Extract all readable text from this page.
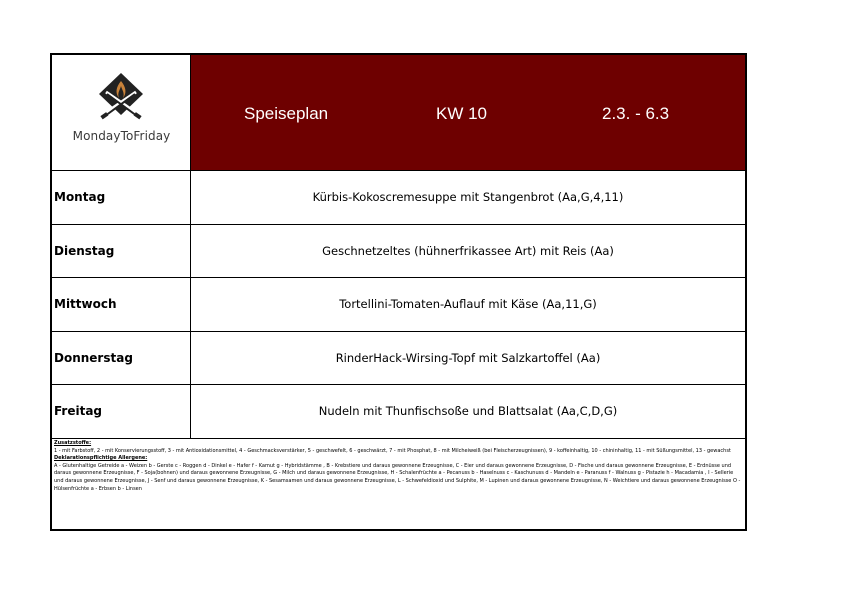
MondayToFriday
Speiseplan	KW 10	2.3. - 6.3
Montag	Kürbis-Kokoscremesuppe mit Stangenbrot (Aa,G,4,11)
Dienstag	Geschnetzeltes (hühnerfrikassee Art) mit Reis (Aa)
Mittwoch	Tortellini-Tomaten-Auflauf mit Käse (Aa,11,G)
Donnerstag	RinderHack-Wirsing-Topf mit Salzkartoffel (Aa)
Freitag	Nudeln mit Thunfischsoße und Blattsalat (Aa,C,D,G)
Zusatzstoffe:
1 - mit Farbstoff, 2 - mit Konservierungsstoff, 3 - mit Antioxidationsmittel, 4 - Geschmacksverstärker, 5 - geschwefelt, 6 - geschwärzt, 7 - mit Phosphat, 8 - mit Milcheiweiß (bei Fleischerzeugnissen), 9 - koffeinhaltig, 10 - chininhaltig, 11 - mit Süßungsmittel, 13 - gewachst
Deklarationspflichtige Allergene:
A - Glutenhaltige Getreide a - Weizen b - Gerste c - Roggen d - Dinkel e - Hafer f - Kamut g - Hybridstämme , B - Krebstiere und daraus gewonnene Erzeugnisse, C - Eier und daraus gewonnene Erzeugnisse, D - Fische und daraus gewonnene Erzeugnisse, E - Erdnüsse und daraus gewonnene Erzeugnisse, F - Soja(bohnen) und daraus gewonnene Erzeugnisse, G - Milch und daraus gewonnene Erzeugnisse, H - Schalenfrüchte a - Pecanuss b - Haselnuss c - Kaschunuss d - Mandeln e - Paranuss f - Walnuss g - Pistazie h - Macadamia , I - Sellerie und daraus gewonnene Erzeugnisse, J - Senf und daraus gewonnene Erzeugnisse, K - Sesamsamen und daraus gewonnene Erzeugnisse, L - Schwefeldioxid und Sulphite, M - Lupinen und daraus gewonnene Erzeugnisse, N - Weichtiere und daraus gewonnene Erzeugnisse O - Hülsenfrüchte a - Erbsen b - Linsen
